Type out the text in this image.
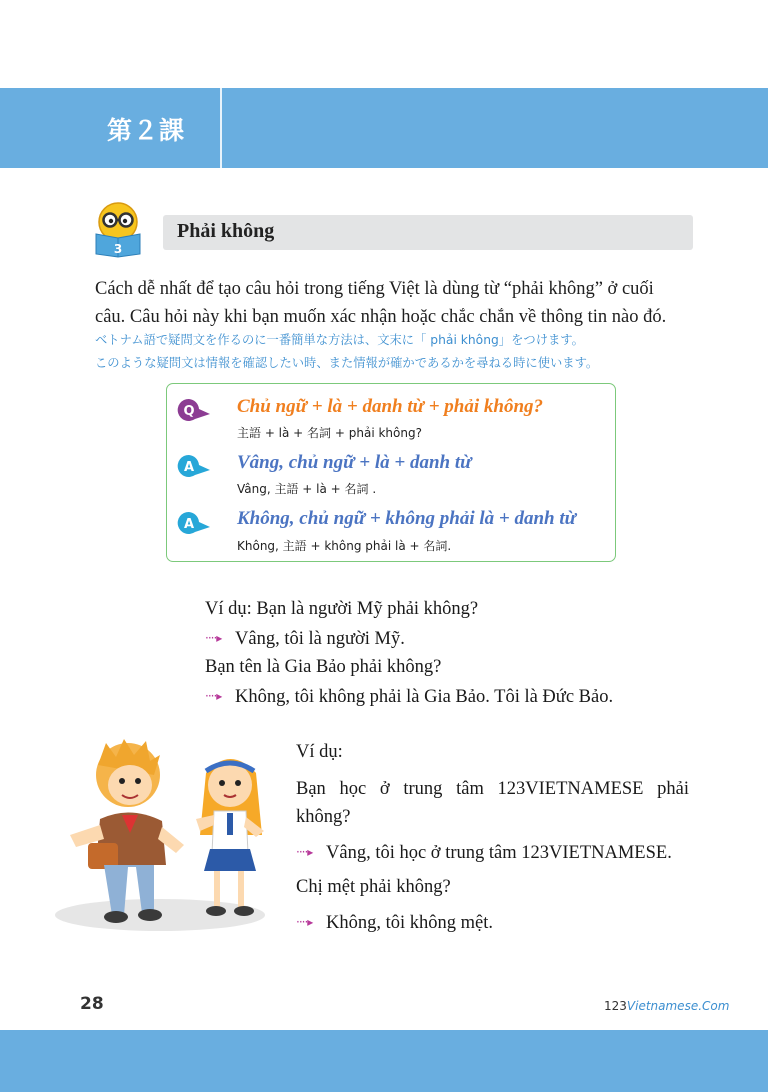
第２課
3
Phải không
Cách dễ nhất để tạo câu hỏi trong tiếng Việt là dùng từ “phải không” ở cuối
câu. Câu hỏi này khi bạn muốn xác nhận hoặc chắc chắn về thông tin nào đó.
ベトナム語で疑問文を作るのに一番簡単な方法は、文末に「 phải không」をつけます。
このような疑問文は情報を確認したい時、また情報が確かであるかを尋ねる時に使います。
Q Chủ ngữ + là + danh từ + phải không?
主語 + là + 名詞 + phải không?
A Vâng, chủ ngữ + là + danh từ
Vâng, 主語 + là + 名詞 .
A Không, chủ ngữ + không phải là + danh từ
Không, 主語 + không phải là + 名詞.
Ví dụ: Bạn là người Mỹ phải không?
····▸ Vâng, tôi là người Mỹ.
Bạn tên là Gia Bảo phải không?
····▸ Không, tôi không phải là Gia Bảo. Tôi là Đức Bảo.
Ví dụ:
Bạn học ở trung tâm 123VIETNAMESE phải không?
····▸ Vâng, tôi học ở trung tâm 123VIETNAMESE.
Chị mệt phải không?
····▸ Không, tôi không mệt.
28	123Vietnamese.Com
